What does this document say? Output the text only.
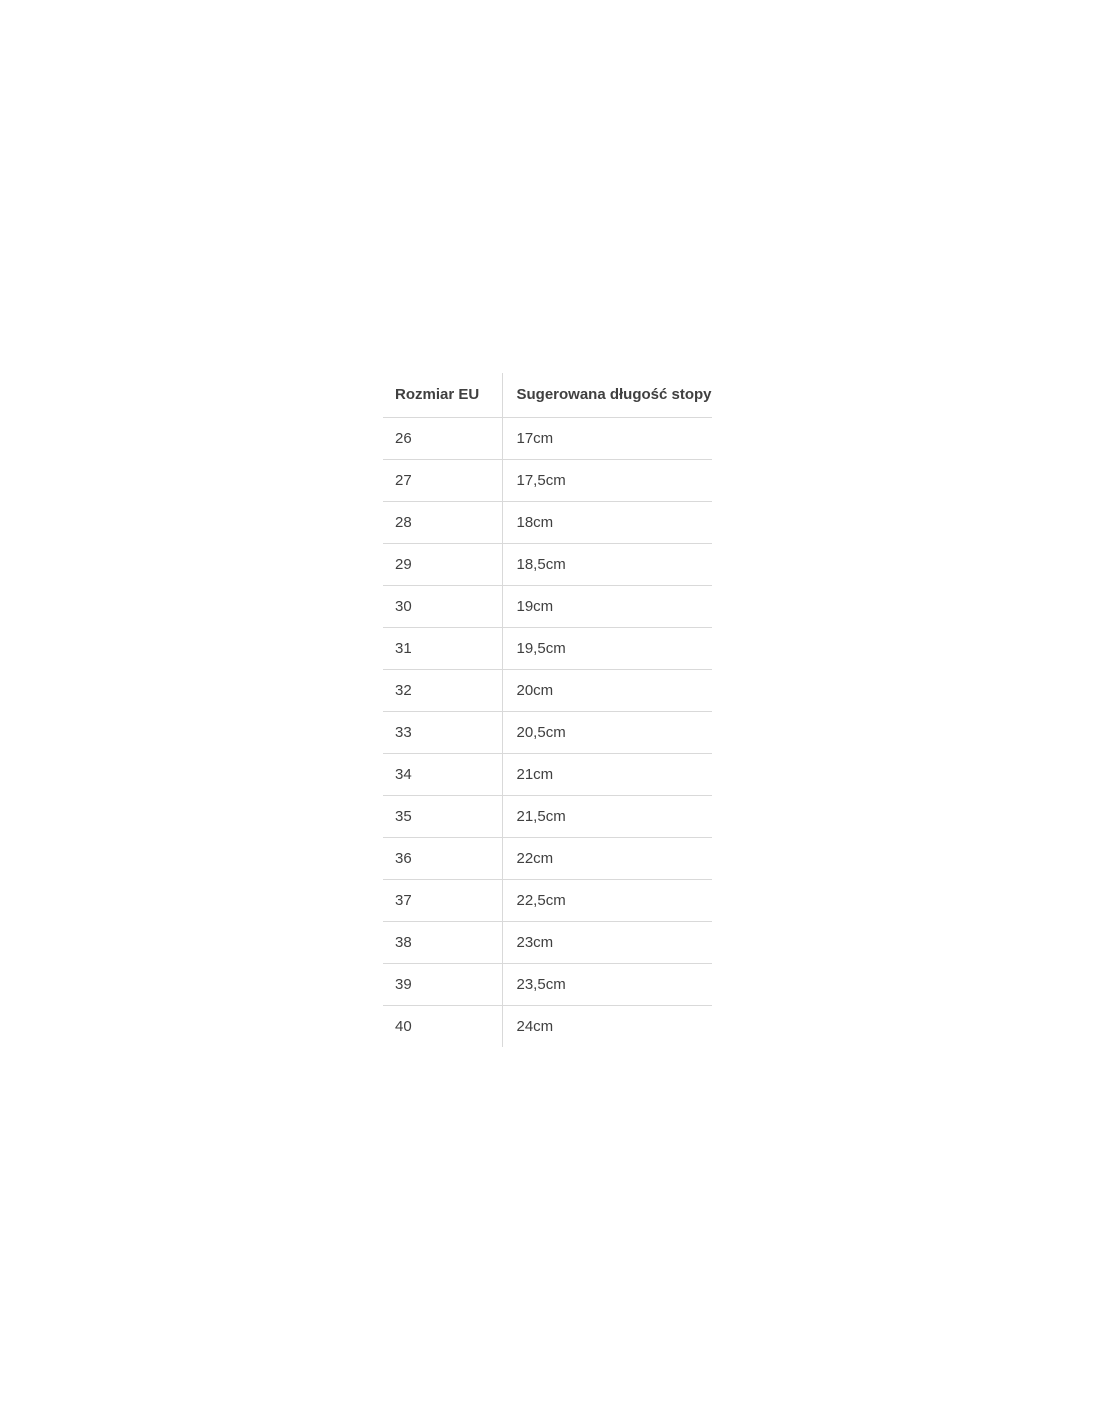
Rozmiar EU	Sugerowana długość stopy
26	17cm
27	17,5cm
28	18cm
29	18,5cm
30	19cm
31	19,5cm
32	20cm
33	20,5cm
34	21cm
35	21,5cm
36	22cm
37	22,5cm
38	23cm
39	23,5cm
40	24cm
